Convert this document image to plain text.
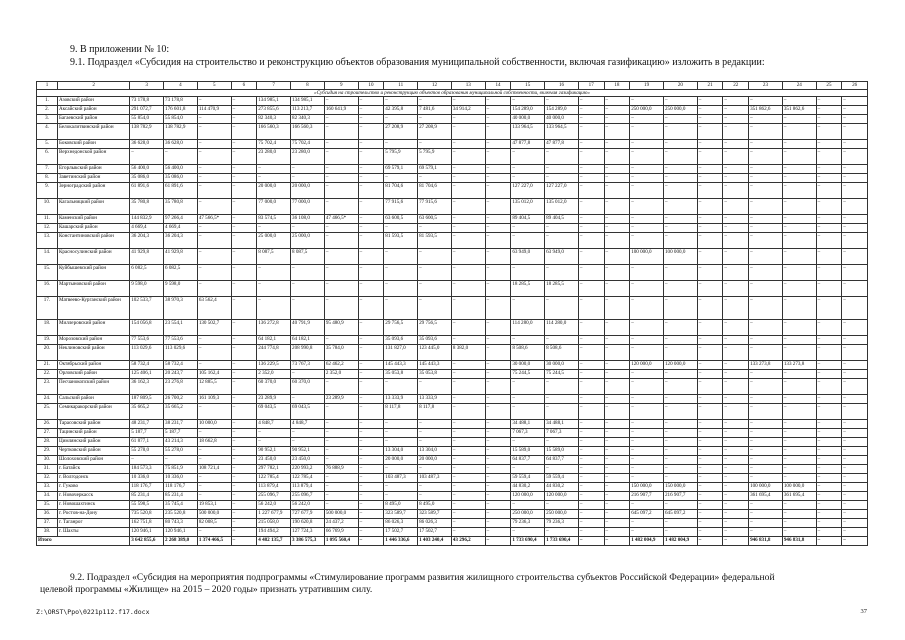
9. В приложении № 10:
9.1. Подраздел «Субсидия на строительство и реконструкцию объектов образования муниципальной собственности, включая газификацию» изложить в редакции:
1	2	3	4	5	6	7	8	9	10	11	12	13	14	15	16	17	18	19	20	21	22	23	24	25	26
«Субсидия на строительство и реконструкцию объектов образования муниципальной собственности, включая газификацию»																									
1.	Азовский район	73 178,8	73 178,8	–	–	134 985,1	134 985,1	–	–	–	–	–	–	–	–	–	–	–	–	–	–	–	–	–	–
2.	Аксайский район	291 072,7	176 601,8	114 470,9	–	273 855,6	113 213,7	160 641,9	–	42 395,8	7 481,6	34 914,2	–	154 289,0	154 289,0	–	–	250 000,0	250 000,0	–	–	351 862,6	351 862,6	–	–
3.	Багаевский район	55 854,0	55 854,0	–	–	82 340,3	82 340,3	–	–	–	–	–	–	40 000,0	40 000,0	–	–	–	–	–	–	–	–	–	–
4.	Белокалитвинский район	138 782,9	138 782,9	–	–	166 560,3	166 560,3	–	–	27 208,9	27 208,9	–	–	133 964,5	133 964,5	–	–	–	–	–	–	–	–	–	–
5.	Боковский район	36 628,0	36 628,0	–	–	75 702,4	75 702,4	–	–	–	–	–	–	47 877,8	47 877,8	–	–	–	–	–	–	–	–	–	–
6.	Верхнедонской район	–	–	–	–	23 280,0	23 280,0	–	–	5 795,9	5 795,9	–	–	–	–	–	–	–	–	–	–	–	–	–	–
7.	Егорлыкский район	56 400,0	56 400,0	–	–	–	–	–	–	69 579,1	69 579,1	–	–	–	–	–	–	–	–	–	–	–	–	–	–
8.	Заветинский район	35 086,0	35 086,0	–	–	–	–	–	–	–	–	–	–	–	–	–	–	–	–	–	–	–	–	–	–
9.	Зерноградский район	61 891,6	61 891,6	–	–	20 000,0	20 000,0	–	–	81 704,6	81 704,6	–	–	127 227,0	127 227,0	–	–	–	–	–	–	–	–	–	–
10.	Кагальницкий район	35 780,8	35 780,8	–	–	77 000,0	77 000,0	–	–	77 915,6	77 915,6	–	–	135 012,0	135 012,0	–	–	–	–	–	–	–	–	–	–
11.	Каменский район	144 832,9	97 266,4	47 566,5*	–	83 574,5	36 108,0	47 466,5*	–	63 600,5	63 600,5	–	–	89 404,5	89 404,5	–	–	–	–	–	–	–	–	–	–
12.	Кашарский район	4 669,4	4 669,4	–	–	–	–	–	–	–	–	–	–	–	–	–	–	–	–	–	–	–	–	–	–
13.	Константиновский район	36 204,3	36 204,3	–	–	25 000,0	25 000,0	–	–	81 593,5	81 593,5	–	–	–	–	–	–	–	–	–	–	–	–	–	–
14.	Красносулинский район	41 929,8	41 929,8	–	–	8 087,5	8 087,5	–	–	–	–	–	–	63 949,0	63 949,0	–	–	100 000,0	100 000,0	–	–	–	–	–	–
15.	Куйбышевский район	6 082,5	6 082,5	–	–	–	–	–	–	–	–	–	–	–	–	–	–	–	–	–	–	–	–	–	–
16.	Мартыновский район	9 598,0	9 598,0	–	–	–	–	–	–	–	–	–	–	18 285,5	18 285,5	–	–	–	–	–	–	–	–	–	–
17.	Матвеево-Курганский район	102 533,7	38 970,3	63 562,4	–	–	–	–	–	–	–	–	–	–	–	–	–	–	–	–	–	–	–	–	–
18.	Миллеровский район	154 056,8	23 554,1	130 502,7	–	136 272,8	40 791,9	95 480,9	–	29 756,5	29 756,5	–	–	114 280,0	114 280,0	–	–	–	–	–	–	–	–	–	–
19.	Морозовский район	77 553,6	77 553,6	–	–	64 182,1	64 182,1	–	–	35 093,6	35 093,6	–	–	–	–	–	–	–	–	–	–	–	–	–	–
20.	Неклиновский район	113 029,6	113 029,6	–	–	244 774,8	208 990,8	35 784,0	–	131 827,0	123 445,0	8 382,0	–	8 508,6	8 508,6	–	–	–	–	–	–	–	–	–	–
21.	Октябрьский район	58 732,4	58 732,4	–	–	136 229,5	73 767,3	62 462,2	–	145 443,3	145 443,3	–	–	30 000,0	30 000,0	–	–	120 000,0	120 000,0	–	–	133 273,8	133 273,8	–	–
22.	Орловский район	125 406,1	20 243,7	105 162,4	–	2 352,0	–	2 352,0	–	35 053,8	35 053,8	–	–	75 244,5	75 244,5	–	–	–	–	–	–	–	–	–	–
23.	Песчанокопский район	36 162,3	23 276,8	12 885,5	–	60 370,0	60 370,0	–	–	–	–	–	–	–	–	–	–	–	–	–	–	–	–	–	–
24.	Сальский район	187 809,5	26 700,2	161 109,3	–	23 289,9	–	23 289,9	–	13 333,9	13 333,9	–	–	–	–	–	–	–	–	–	–	–	–	–	–
25.	Семикаракорский район	35 665,2	35 665,2	–	–	69 043,5	69 043,5	–	–	8 117,8	8 117,8	–	–	–	–	–	–	–	–	–	–	–	–	–	–
26.	Тарасовский район	48 231,7	38 231,7	10 000,0	–	4 848,7	4 848,7	–	–	–	–	–	–	34 488,1	34 488,1	–	–	–	–	–	–	–	–	–	–
27.	Тацинский район	5 187,7	5 187,7	–	–	–	–	–	–	–	–	–	–	7 067,3	7 067,3	–	–	–	–	–	–	–	–	–	–
28.	Цимлянский район	61 877,1	43 214,3	18 662,8	–	–	–	–	–	–	–	–	–	–	–	–	–	–	–	–	–	–	–	–	–
29.	Чертковский район	55 278,0	55 278,0	–	–	90 952,1	90 952,1	–	–	13 304,0	13 304,0	–	–	15 589,0	15 589,0	–	–	–	–	–	–	–	–	–	–
30.	Шолоховский район	–	–	–	–	23 450,0	23 450,0	–	–	20 000,0	20 000,0	–	–	64 837,7	64 837,7	–	–	–	–	–	–	–	–	–	–
31.	г. Батайск	184 573,3	75 851,9	108 721,4	–	297 782,1	220 993,2	76 888,9	–	–	–	–	–	–	–	–	–	–	–	–	–	–	–	–	–
32.	г. Волгодонск	10 336,0	10 336,0	–	–	122 785,4	122 785,4	–	–	103 487,3	103 487,3	–	–	59 559,4	59 559,4	–	–	–	–	–	–	–	–	–	–
33.	г. Гуково	118 176,7	118 176,7	–	–	113 879,4	113 879,4	–	–	–	–	–	–	44 830,2	44 830,2	–	–	150 000,0	150 000,0	–	–	100 000,0	100 000,0	–	–
34.	г. Новочеркасск	85 231,4	85 231,4	–	–	255 096,7	255 096,7	–	–	–	–	–	–	120 000,0	120 000,0	–	–	216 907,7	216 907,7	–	–	361 695,4	361 695,4	–	–
35.	г. Новошахтинск	55 598,5	35 745,4	19 853,1	–	56 242,0	56 242,0	–	–	8 495,0	8 495,0	–	–	–	–	–	–	–	–	–	–	–	–	–	–
36.	г. Ростов-на-Дону	735 520,8	235 520,8	500 000,0	–	1 227 677,9	727 677,9	500 000,0	–	323 589,7	323 589,7	–	–	250 000,0	250 000,0	–	–	645 097,2	645 097,2	–	–	–	–	–	–
37.	г. Таганрог	162 751,8	80 743,3	82 008,5	–	215 058,0	190 620,8	24 437,2	–	86 026,3	86 026,3	–	–	79 236,3	79 236,3	–	–	–	–	–	–	–	–	–	–
38.	г. Шахты	120 946,1	120 946,1	–	–	194 494,2	127 724,3	66 769,9	–	17 502,7	17 502,7	–	–	–	–	–	–	–	–	–	–	–	–	–	–
Итого		3 642 855,6	2 268 389,0	1 374 466,5	–	4 482 135,7	3 386 575,3	1 095 560,4	–	1 446 336,6	1 403 240,4	43 296,2	–	1 733 690,4	1 733 690,4	–	–	1 482 004,9	1 482 004,9	–	–	946 831,8	946 831,8	–	–
9.2. Подраздел «Субсидия на мероприятия подпрограммы «Стимулирование программ развития жилищного строительства субъектов Российской Федерации» федеральной
целевой программы «Жилище» на 2015 – 2020 годы» признать утратившим силу.
Z:\ORST\Ppo\0221p112.f17.docx	37
